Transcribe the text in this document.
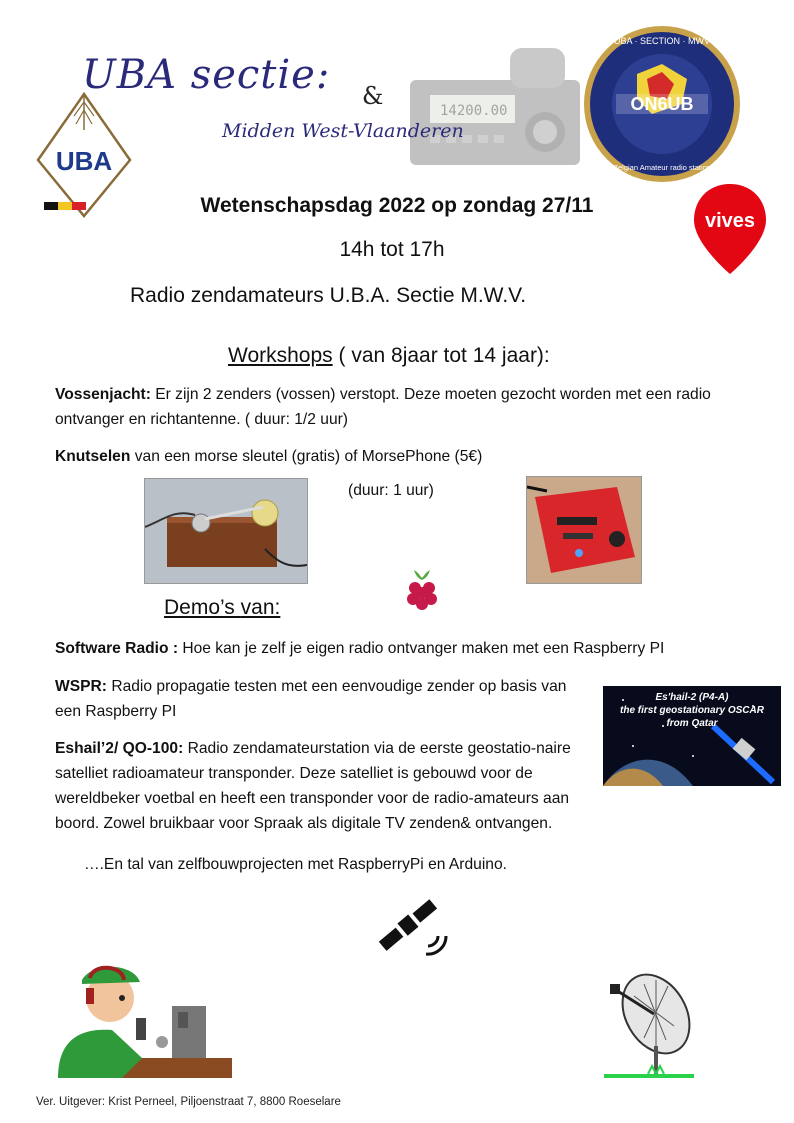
14200.00
UBA sectie: &
Midden West-Vlaanderen
UBA
ON6UB
UBA · SECTION · MWV
Belgian Amateur radio station
vives
Wetenschapsdag 2022 op zondag 27/11
14h tot 17h
Radio zendamateurs U.B.A. Sectie M.W.V.
Workshops ( van 8jaar tot 14 jaar):
Vossenjacht: Er zijn 2 zenders (vossen) verstopt. Deze moeten gezocht worden met een radio ontvanger en richtantenne. ( duur: 1/2 uur)
Knutselen van een morse sleutel (gratis) of MorsePhone (5€)
(duur: 1 uur)
Demo’s van:
Software Radio : Hoe kan je zelf je eigen radio ontvanger maken met een Raspberry PI
WSPR: Radio propagatie testen met een eenvoudige zender op basis van een Raspberry PI
Es'hail-2 (P4-A)
the first geostationary OSCAR
from Qatar
Eshail’2/ QO-100: Radio zendamateurstation via de eerste geostatio-naire satelliet radioamateur transponder. Deze satelliet is gebouwd voor de wereldbeker voetbal en heeft een transponder voor de radio-amateurs aan boord. Zowel bruikbaar voor Spraak als digitale TV zenden& ontvangen.
….En tal van zelfbouwprojecten met RaspberryPi en Arduino.
Ver. Uitgever: Krist Perneel, Piljoenstraat 7, 8800 Roeselare
